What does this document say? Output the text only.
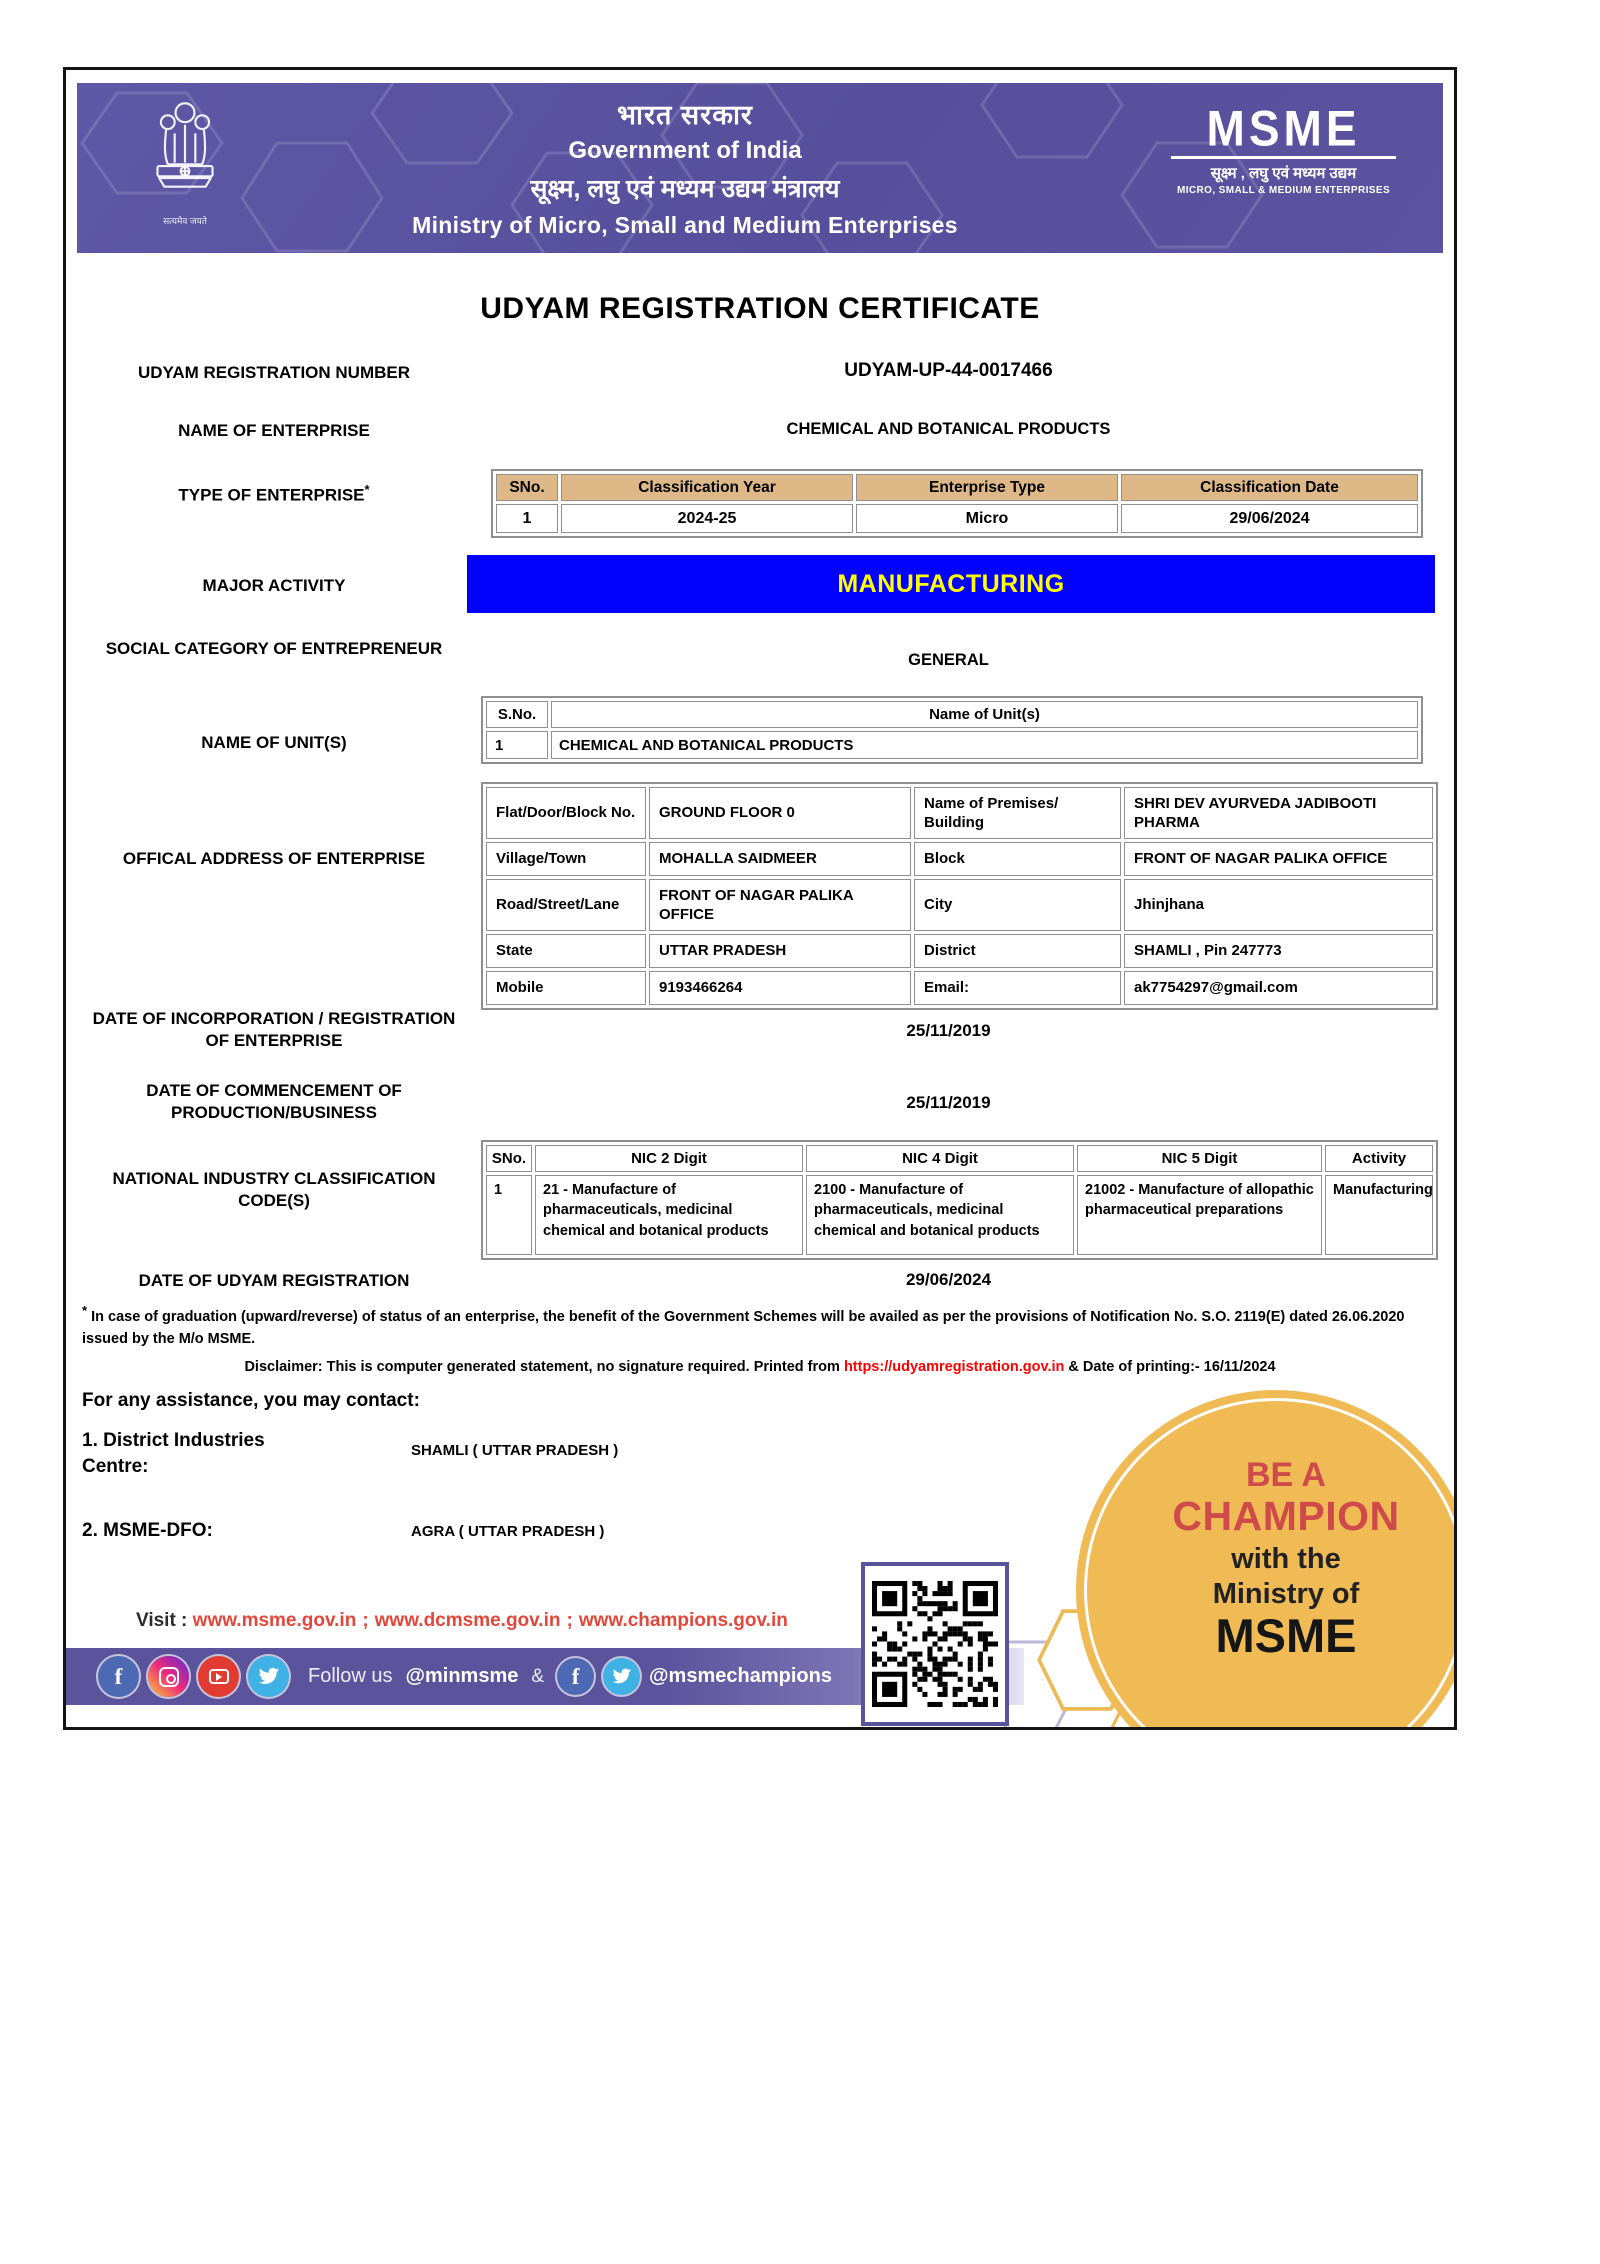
सत्यमेव जयते
भारत सरकार
Government of India
सूक्ष्म, लघु एवं मध्यम उद्यम मंत्रालय
Ministry of Micro, Small and Medium Enterprises
MSME
सूक्ष्म , लघु एवं मध्यम उद्यम
MICRO, SMALL & MEDIUM ENTERPRISES
UDYAM REGISTRATION CERTIFICATE
UDYAM REGISTRATION NUMBER	UDYAM-UP-44-0017466
NAME OF ENTERPRISE	CHEMICAL AND BOTANICAL PRODUCTS
TYPE OF ENTERPRISE*	SNo.	Classification Year	Enterprise Type	Classification Date
1	2024-25	Micro	29/06/2024
MAJOR ACTIVITY	MANUFACTURING
SOCIAL CATEGORY OF ENTREPRENEUR
GENERAL
NAME OF UNIT(S)
S.No.	Name of Unit(s)
1	CHEMICAL AND BOTANICAL PRODUCTS
OFFICAL ADDRESS OF ENTERPRISE
Flat/Door/Block No.	GROUND FLOOR 0	Name of Premises/ Building	SHRI DEV AYURVEDA JADIBOOTI PHARMA
Village/Town	MOHALLA SAIDMEER	Block	FRONT OF NAGAR PALIKA OFFICE
Road/Street/Lane	FRONT OF NAGAR PALIKA OFFICE	City	Jhinjhana
State	UTTAR PRADESH	District	SHAMLI , Pin 247773
Mobile	9193466264	Email:	ak7754297@gmail.com
DATE OF INCORPORATION / REGISTRATION OF ENTERPRISE
25/11/2019
DATE OF COMMENCEMENT OF PRODUCTION/BUSINESS
25/11/2019
NATIONAL INDUSTRY CLASSIFICATION CODE(S)
SNo.	NIC 2 Digit	NIC 4 Digit	NIC 5 Digit	Activity
1	21 - Manufacture of pharmaceuticals, medicinal chemical and botanical products	2100 - Manufacture of pharmaceuticals, medicinal chemical and botanical products	21002 - Manufacture of allopathic pharmaceutical preparations	Manufacturing
DATE OF UDYAM REGISTRATION	29/06/2024
* In case of graduation (upward/reverse) of status of an enterprise, the benefit of the Government Schemes will be availed as per the provisions of Notification No. S.O. 2119(E) dated 26.06.2020 issued by the M/o MSME.
Disclaimer: This is computer generated statement, no signature required. Printed from https://udyamregistration.gov.in & Date of printing:- 16/11/2024
For any assistance, you may contact:
1. District Industries Centre:
SHAMLI ( UTTAR PRADESH )
2. MSME-DFO:	AGRA ( UTTAR PRADESH )
Visit : www.msme.gov.in ; www.dcmsme.gov.in ; www.champions.gov.in
f	Follow us @minmsme &	f	@msmechampions
BE A
CHAMPION
with the
Ministry of
MSME
